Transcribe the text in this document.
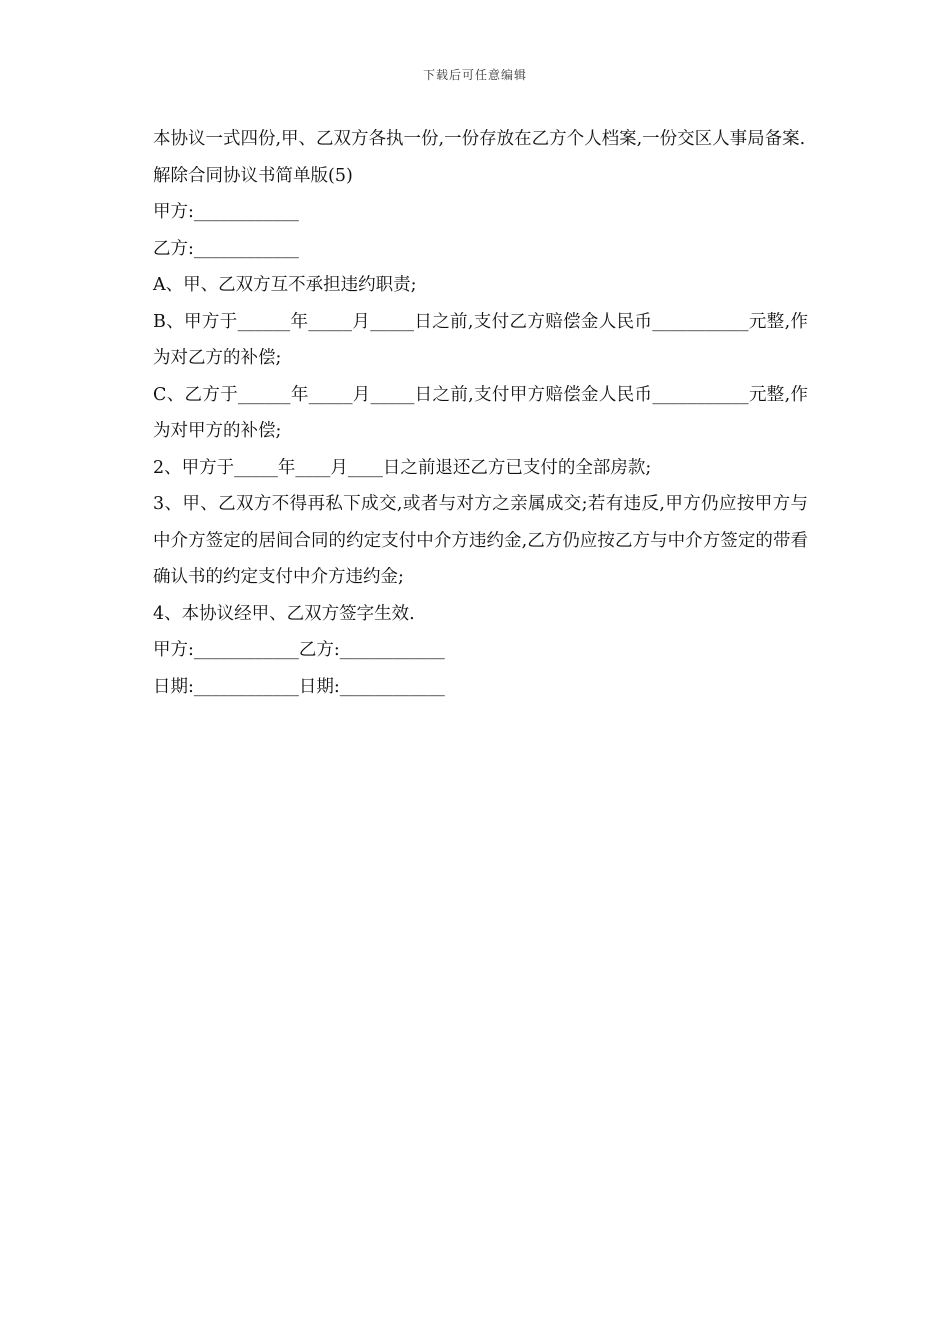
下载后可任意编辑

本协议一式四份,甲、乙双方各执一份,一份存放在乙方个人档案,一份交区人事局备案.

解除合同协议书简单版(5)

甲方:____________

乙方:____________

A、甲、乙双方互不承担违约职责;

B、甲方于______年_____月_____日之前,支付乙方赔偿金人民币___________元整,作为对乙方的补偿;

C、乙方于______年_____月_____日之前,支付甲方赔偿金人民币___________元整,作为对甲方的补偿;

2、甲方于_____年____月____日之前退还乙方已支付的全部房款;

3、甲、乙双方不得再私下成交,或者与对方之亲属成交;若有违反,甲方仍应按甲方与中介方签定的居间合同的约定支付中介方违约金,乙方仍应按乙方与中介方签定的带看确认书的约定支付中介方违约金;

4、本协议经甲、乙双方签字生效.

甲方:____________乙方:____________

日期:____________日期:____________
